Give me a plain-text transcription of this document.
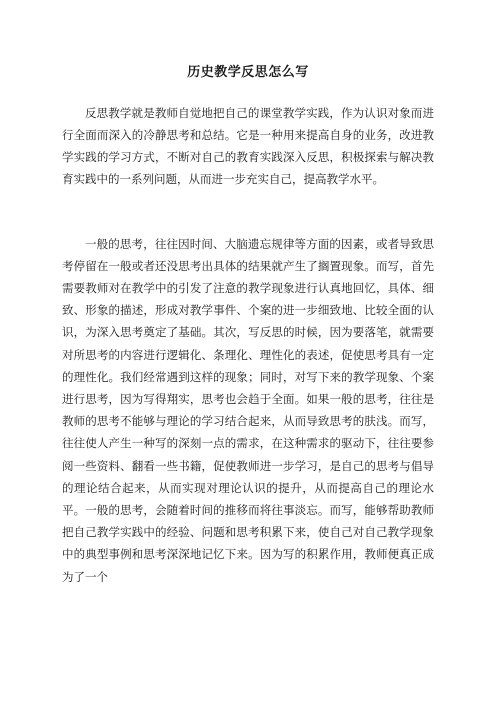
历史教学反思怎么写

反思教学就是教师自觉地把自己的课堂教学实践，作为认识对象而进行全面而深入的冷静思考和总结。它是一种用来提高自身的业务，改进教学实践的学习方式，不断对自己的教育实践深入反思，积极探索与解决教育实践中的一系列问题，从而进一步充实自己，提高教学水平。

一般的思考，往往因时间、大脑遗忘规律等方面的因素，或者导致思考停留在一般或者还没思考出具体的结果就产生了搁置现象。而写，首先需要教师对在教学中的引发了注意的教学现象进行认真地回忆，具体、细致、形象的描述，形成对教学事件、个案的进一步细致地、比较全面的认识，为深入思考奠定了基础。其次，写反思的时候，因为要落笔，就需要对所思考的内容进行逻辑化、条理化、理性化的表述，促使思考具有一定的理性化。我们经常遇到这样的现象；同时，对写下来的教学现象、个案进行思考，因为写得翔实，思考也会趋于全面。如果一般的思考，往往是教师的思考不能够与理论的学习结合起来，从而导致思考的肤浅。而写，往往使人产生一种写的深刻一点的需求，在这种需求的驱动下，往往要参阅一些资料、翻看一些书籍，促使教师进一步学习，是自己的思考与倡导的理论结合起来，从而实现对理论认识的提升，从而提高自己的理论水平。一般的思考，会随着时间的推移而将往事淡忘。而写，能够帮助教师把自己教学实践中的经验、问题和思考积累下来，使自己对自己教学现象中的典型事例和思考深深地记忆下来。因为写的积累作用，教师便真正成为了一个
